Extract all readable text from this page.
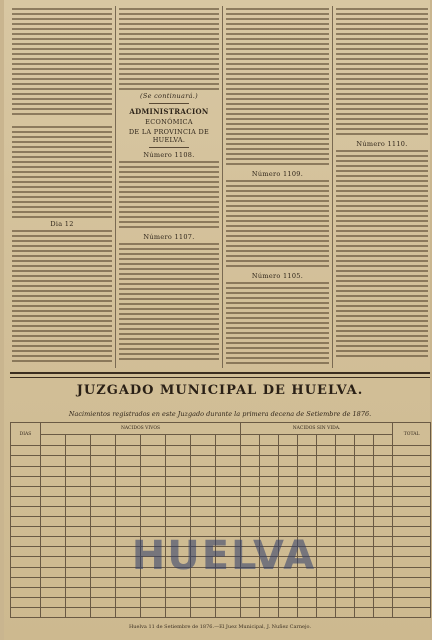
Dia 12
(Se continuará.)
ADMINISTRACION
ECONÓMICA
DE LA PROVINCIA DE HUELVA.
Número 1108.
Número 1107.
Número 1109.
Número 1105.
Número 1110.
JUZGADO MUNICIPAL DE HUELVA.
Nacimientos registrados en este Juzgado durante la primera decena de Setiembre de 1876.
DIAS	NACIDOS VIVOS								NACIDOS SIN VIDA.								TOTAL

HUELVA
Huelva 11 de Setiembre de 1876.—El Juez Municipal, J. Nuñez Carnejo.
